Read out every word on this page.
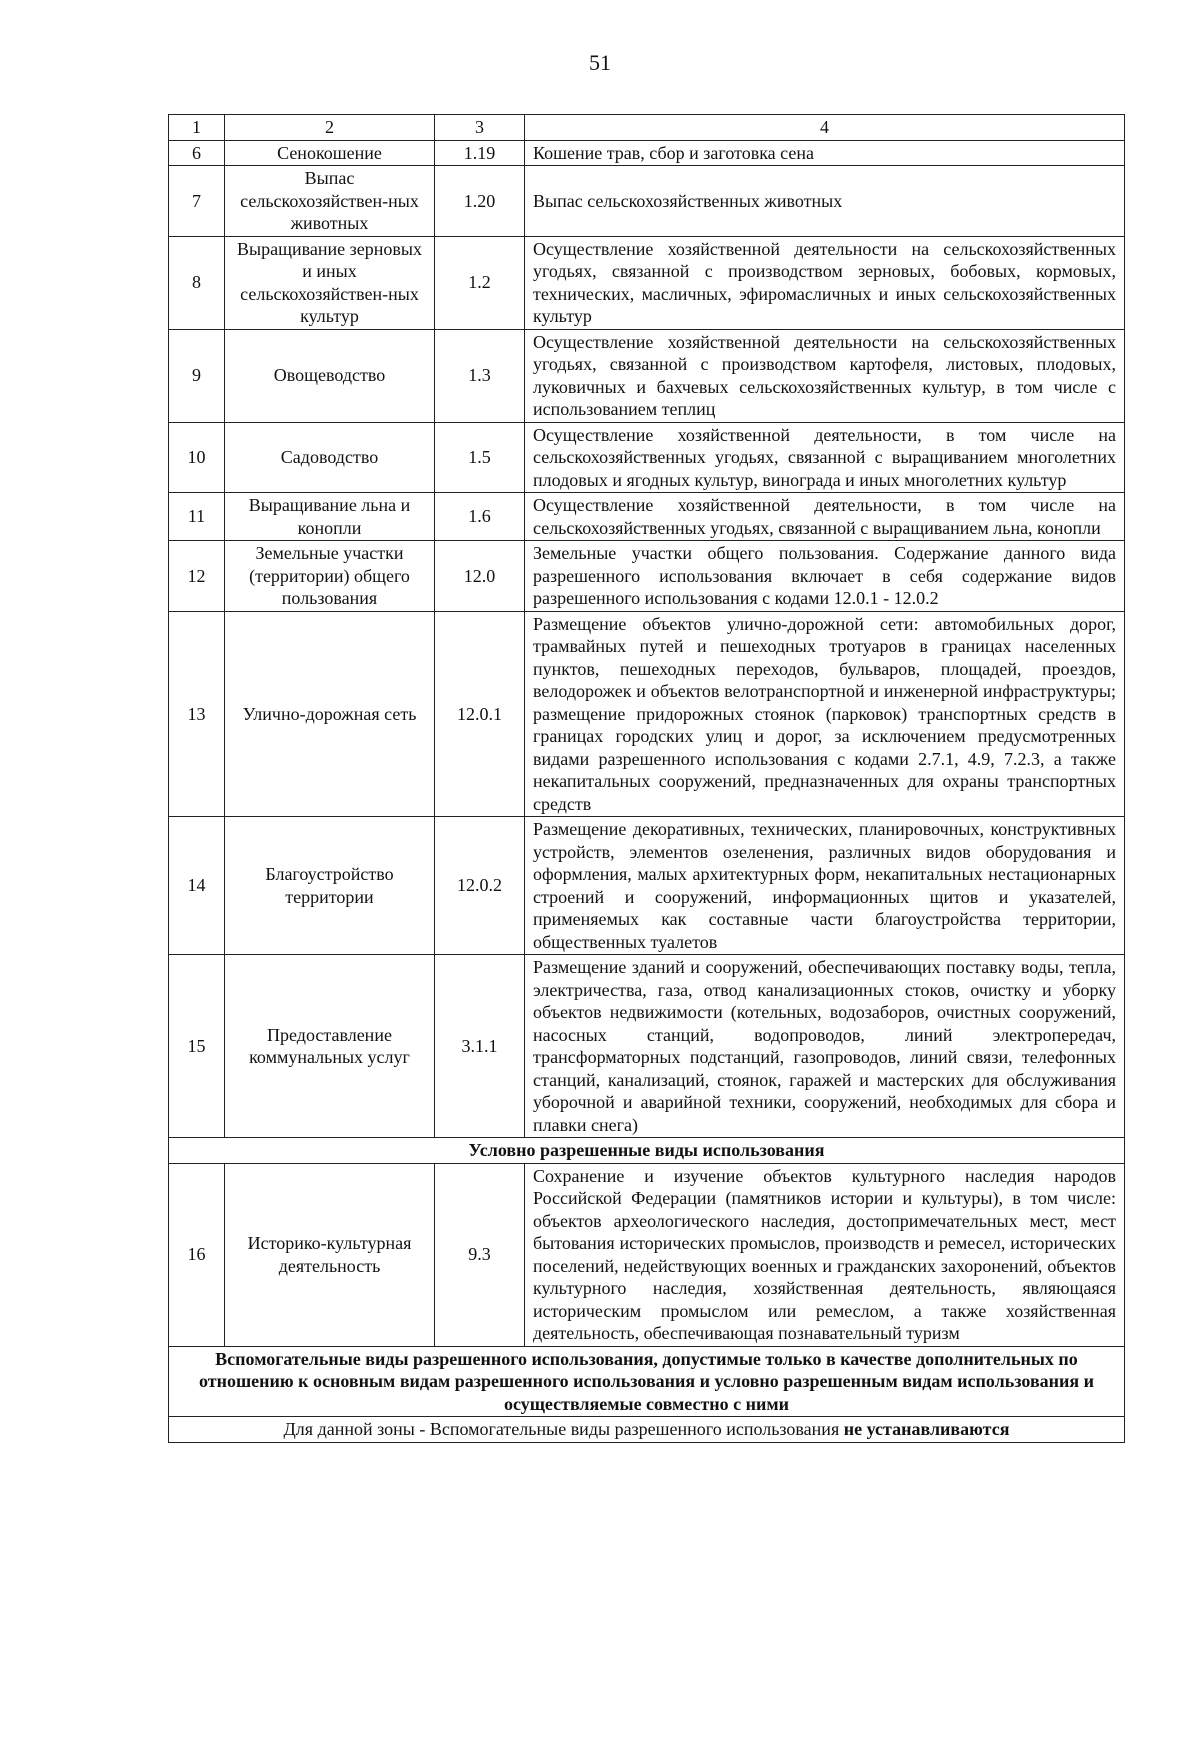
51
1	2	3	4
6	Сенокошение	1.19	Кошение трав, сбор и заготовка сена
7	Выпас сельскохозяйствен-ных животных	1.20	Выпас сельскохозяйственных животных
8	Выращивание зерновых и иных сельскохозяйствен-ных культур	1.2	Осуществление хозяйственной деятельности на сельскохозяйственных угодьях, связанной с производством зерновых, бобовых, кормовых, технических, масличных, эфиромасличных и иных сельскохозяйственных культур
9	Овощеводство	1.3	Осуществление хозяйственной деятельности на сельскохозяйственных угодьях, связанной с производством картофеля, листовых, плодовых, луковичных и бахчевых сельскохозяйственных культур, в том числе с использованием теплиц
10	Садоводство	1.5	Осуществление хозяйственной деятельности, в том числе на сельскохозяйственных угодьях, связанной с выращиванием многолетних плодовых и ягодных культур, винограда и иных многолетних культур
11	Выращивание льна и конопли	1.6	Осуществление хозяйственной деятельности, в том числе на сельскохозяйственных угодьях, связанной с выращиванием льна, конопли
12	Земельные участки (территории) общего пользования	12.0	Земельные участки общего пользования. Содержание данного вида разрешенного использования включает в себя содержание видов разрешенного использования с кодами 12.0.1 - 12.0.2
13	Улично-дорожная сеть	12.0.1	Размещение объектов улично-дорожной сети: автомобильных дорог, трамвайных путей и пешеходных тротуаров в границах населенных пунктов, пешеходных переходов, бульваров, площадей, проездов, велодорожек и объектов велотранспортной и инженерной инфраструктуры; размещение придорожных стоянок (парковок) транспортных средств в границах городских улиц и дорог, за исключением предусмотренных видами разрешенного использования с кодами 2.7.1, 4.9, 7.2.3, а также некапитальных сооружений, предназначенных для охраны транспортных средств
14	Благоустройство территории	12.0.2	Размещение декоративных, технических, планировочных, конструктивных устройств, элементов озеленения, различных видов оборудования и оформления, малых архитектурных форм, некапитальных нестационарных строений и сооружений, информационных щитов и указателей, применяемых как составные части благоустройства территории, общественных туалетов
15	Предоставление коммунальных услуг	3.1.1	Размещение зданий и сооружений, обеспечивающих поставку воды, тепла, электричества, газа, отвод канализационных стоков, очистку и уборку объектов недвижимости (котельных, водозаборов, очистных сооружений, насосных станций, водопроводов, линий электропередач, трансформаторных подстанций, газопроводов, линий связи, телефонных станций, канализаций, стоянок, гаражей и мастерских для обслуживания уборочной и аварийной техники, сооружений, необходимых для сбора и плавки снега)
Условно разрешенные виды использования			
16	Историко-культурная деятельность	9.3	Сохранение и изучение объектов культурного наследия народов Российской Федерации (памятников истории и культуры), в том числе: объектов археологического наследия, достопримечательных мест, мест бытования исторических промыслов, производств и ремесел, исторических поселений, недействующих военных и гражданских захоронений, объектов культурного наследия, хозяйственная деятельность, являющаяся историческим промыслом или ремеслом, а также хозяйственная деятельность, обеспечивающая познавательный туризм
Вспомогательные виды разрешенного использования, допустимые только в качестве дополнительных по отношению к основным видам разрешенного использования и условно разрешенным видам использования и осуществляемые совместно с ними			
Для данной зоны - Вспомогательные виды разрешенного использования не устанавливаются			
